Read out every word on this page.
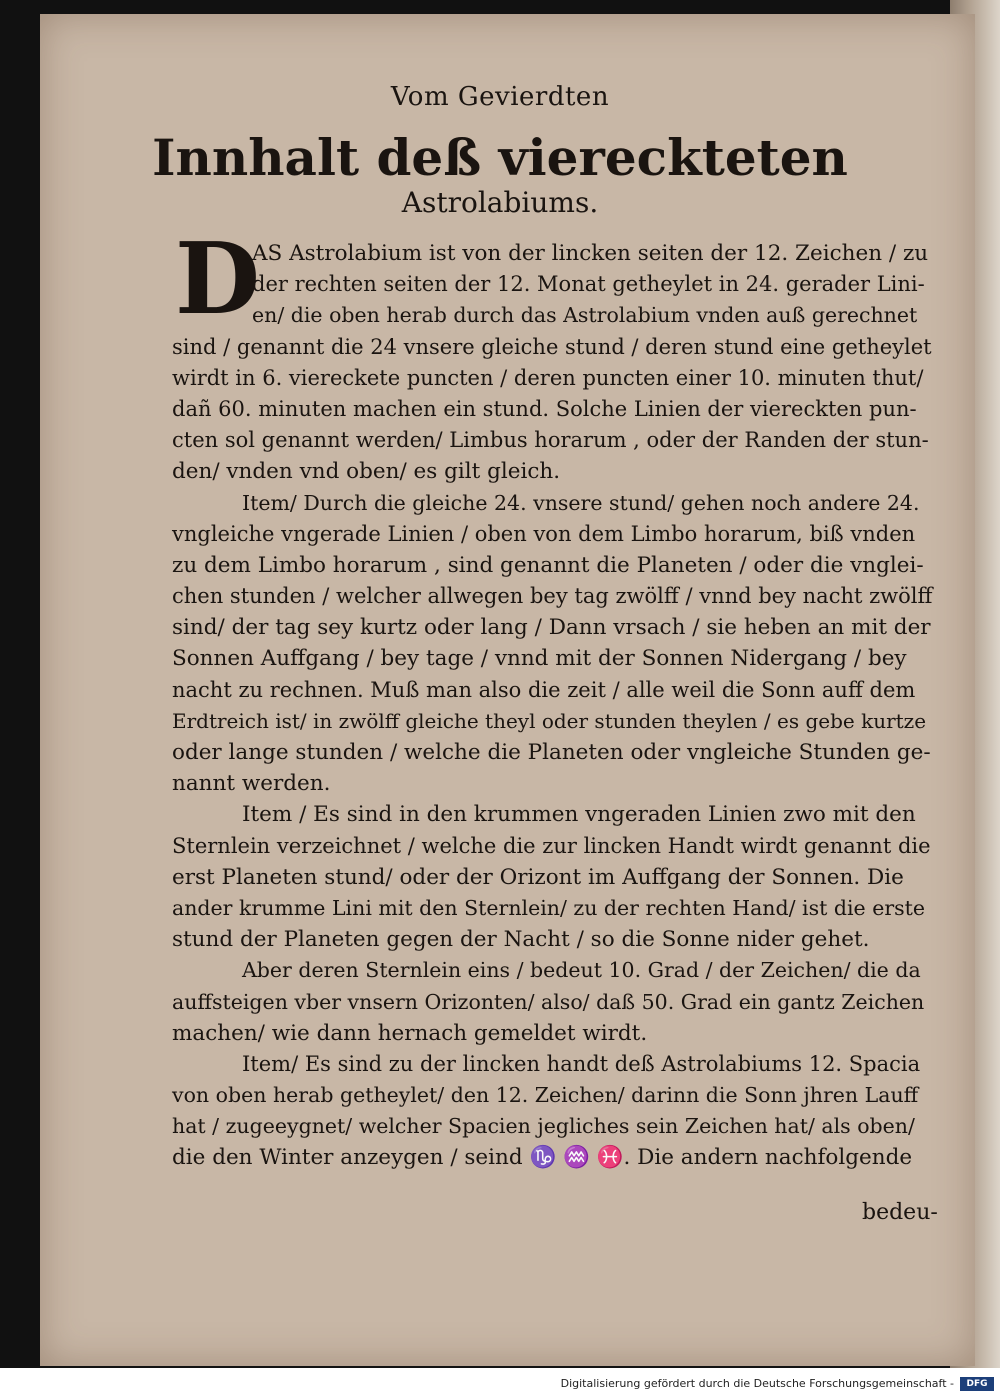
Vom Gevierdten
Innhalt deß viereckteten
Astrolabiums.
D
AS Astrolabium ist von der lincken seiten der 12. Zeichen / zu
der rechten seiten der 12. Monat getheylet in 24. gerader Lini-
en/ die oben herab durch das Astrolabium vnden auß gerechnet
sind / genannt die 24 vnsere gleiche stund / deren stund eine getheylet
wirdt in 6. viereckete puncten / deren puncten einer 10. minuten thut/
dañ 60. minuten machen ein stund. Solche Linien der viereckten pun-
cten sol genannt werden/ Limbus horarum , oder der Randen der stun-
den/ vnden vnd oben/ es gilt gleich.
Item/ Durch die gleiche 24. vnsere stund/ gehen noch andere 24.
vngleiche vngerade Linien / oben von dem Limbo horarum, biß vnden
zu dem Limbo horarum , sind genannt die Planeten / oder die vnglei-
chen stunden / welcher allwegen bey tag zwölff / vnnd bey nacht zwölff
sind/ der tag sey kurtz oder lang / Dann vrsach / sie heben an mit der
Sonnen Auffgang / bey tage / vnnd mit der Sonnen Nidergang / bey
nacht zu rechnen. Muß man also die zeit / alle weil die Sonn auff dem
Erdtreich ist/ in zwölff gleiche theyl oder stunden theylen / es gebe kurtze
oder lange stunden / welche die Planeten oder vngleiche Stunden ge-
nannt werden.
Item / Es sind in den krummen vngeraden Linien zwo mit den
Sternlein verzeichnet / welche die zur lincken Handt wirdt genannt die
erst Planeten stund/ oder der Orizont im Auffgang der Sonnen. Die
ander krumme Lini mit den Sternlein/ zu der rechten Hand/ ist die erste
stund der Planeten gegen der Nacht / so die Sonne nider gehet.
Aber deren Sternlein eins / bedeut 10. Grad / der Zeichen/ die da
auffsteigen vber vnsern Orizonten/ also/ daß 50. Grad ein gantz Zeichen
machen/ wie dann hernach gemeldet wirdt.
Item/ Es sind zu der lincken handt deß Astrolabiums 12. Spacia
von oben herab getheylet/ den 12. Zeichen/ darinn die Sonn jhren Lauff
hat / zugeeygnet/ welcher Spacien jegliches sein Zeichen hat/ als oben/
die den Winter anzeygen / seind ♑ ♒ ♓. Die andern nachfolgende
bedeu-
Digitalisierung gefördert durch die Deutsche Forschungsgemeinschaft -	DFG
